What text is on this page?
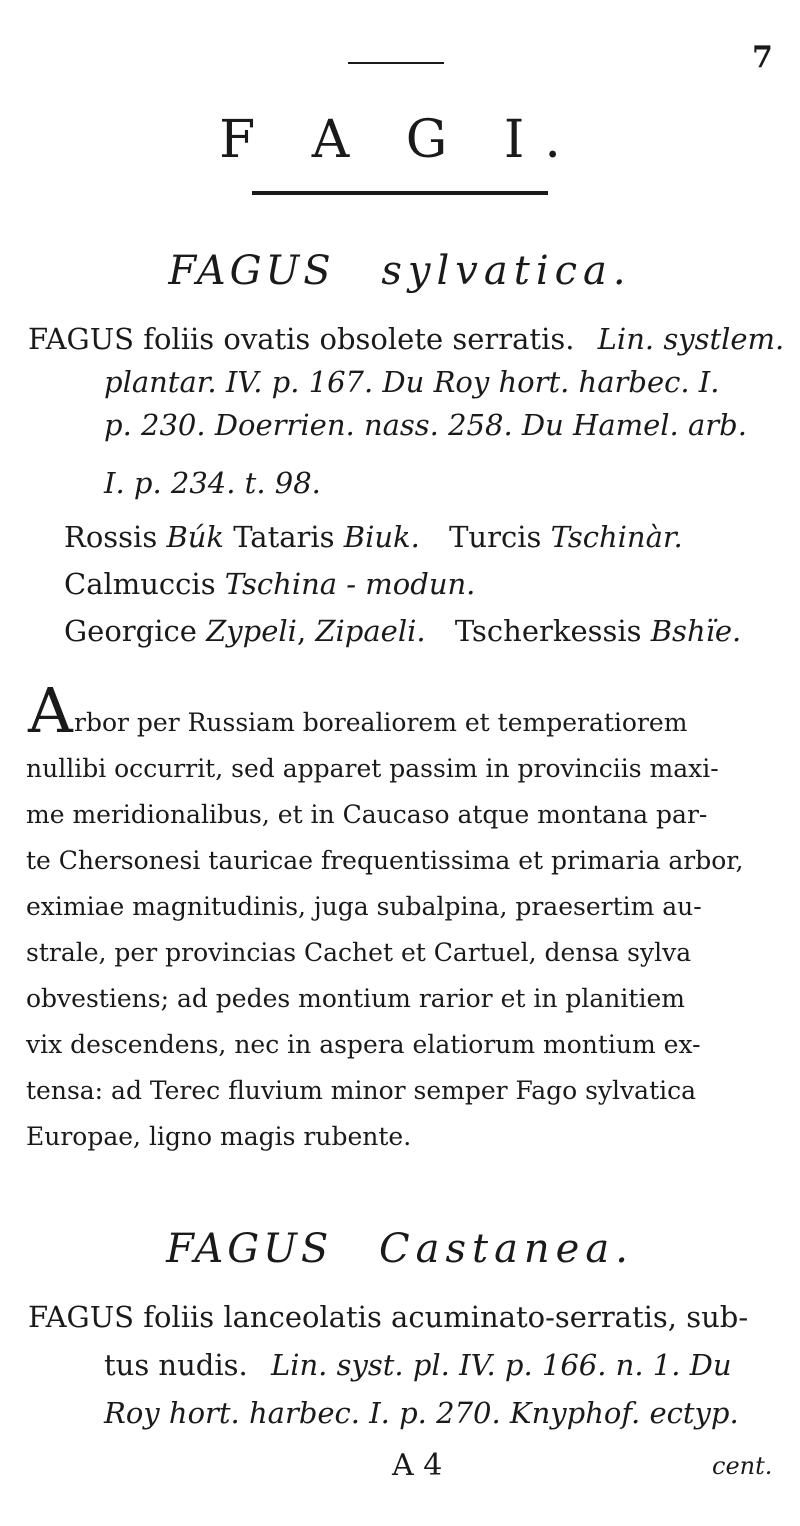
7
F A G I.
FAGUS sylvatica.
FAGUS foliis ovatis obsolete serratis. Lin. systlem.
plantar. IV. p. 167. Du Roy hort. harbec. I.
p. 230. Doerrien. nass. 258. Du Hamel. arb.
I. p. 234. t. 98.
Rossis Búk Tataris Biuk. Turcis Tschinàr.
Calmuccis Tschina - modun.
Georgice Zypeli, Zipaeli. Tscherkessis Bshïe.
A rbor per Russiam borealiorem et temperatiorem
nullibi occurrit, sed apparet passim in provinciis maxi-
me meridionalibus, et in Caucaso atque montana par-
te Chersonesi tauricae frequentissima et primaria arbor,
eximiae magnitudinis, juga subalpina, praesertim au-
strale, per provincias Cachet et Cartuel, densa sylva
obvestiens; ad pedes montium rarior et in planitiem
vix descendens, nec in aspera elatiorum montium ex-
tensa: ad Terec fluvium minor semper Fago sylvatica
Europae, ligno magis rubente.
FAGUS Castanea.
FAGUS foliis lanceolatis acuminato-serratis, sub-
tus nudis. Lin. syst. pl. IV. p. 166. n. 1. Du
Roy hort. harbec. I. p. 270. Knyphof. ectyp.
A 4	cent.
